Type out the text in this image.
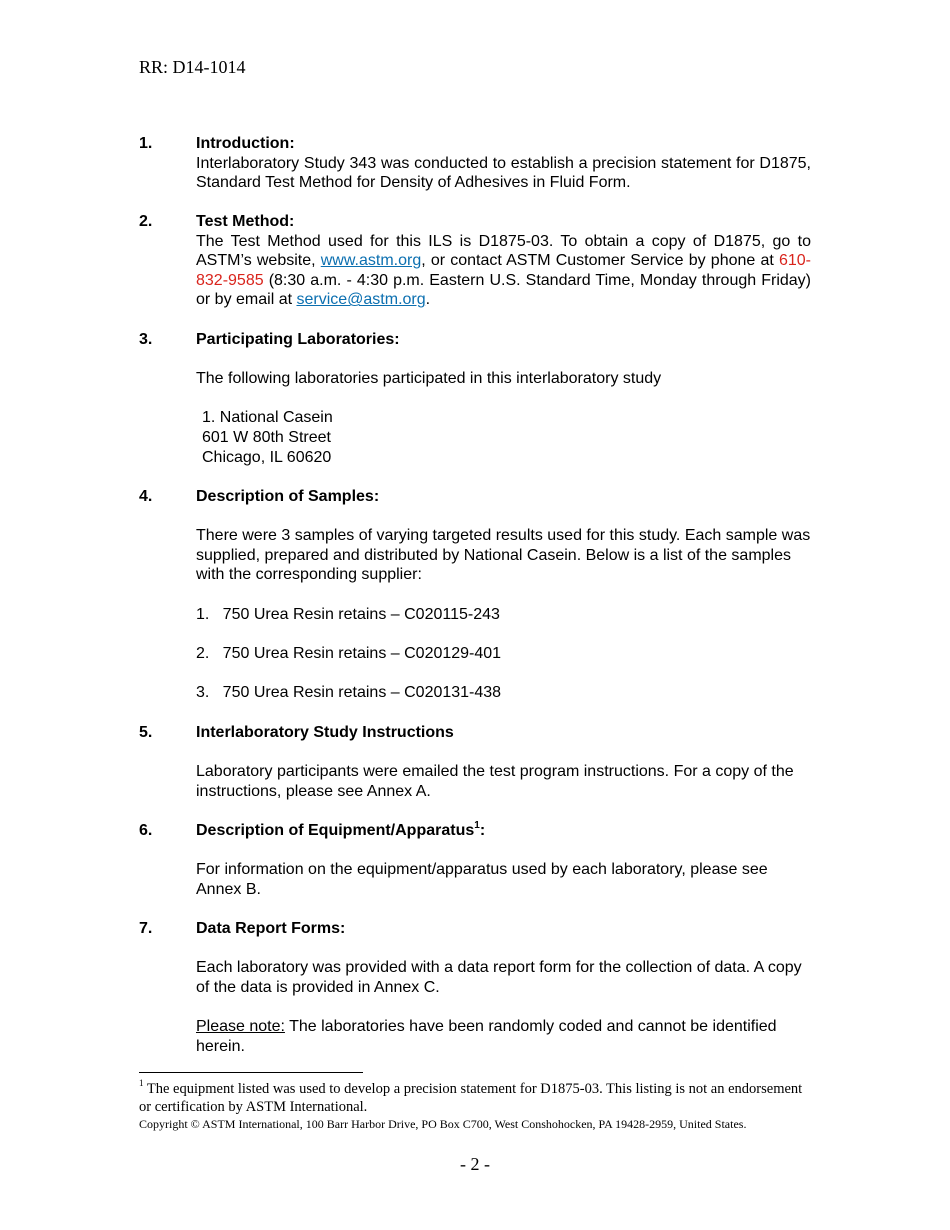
RR: D14-1014
1.	Introduction:

Interlaboratory Study 343 was conducted to establish a precision statement for D1875, Standard Test Method for Density of Adhesives in Fluid Form.

2.	Test Method:

The Test Method used for this ILS is D1875-03. To obtain a copy of D1875, go to ASTM’s website, www.astm.org, or contact ASTM Customer Service by phone at 610-832-9585 (8:30 a.m. - 4:30 p.m. Eastern U.S. Standard Time, Monday through Friday) or by email at service@astm.org.

3.	Participating Laboratories:

The following laboratories participated in this interlaboratory study

1. National Casein
601 W 80th Street
Chicago, IL 60620
4.	Description of Samples:

There were 3 samples of varying targeted results used for this study. Each sample was supplied, prepared and distributed by National Casein. Below is a list of the samples with the corresponding supplier:

1.   750 Urea Resin retains – C020115-243
2.   750 Urea Resin retains – C020129-401
3.   750 Urea Resin retains – C020131-438
5.	Interlaboratory Study Instructions

Laboratory participants were emailed the test program instructions. For a copy of the instructions, please see Annex A.

6.	Description of Equipment/Apparatus$^1$:

For information on the equipment/apparatus used by each laboratory, please see Annex B.

7.	Data Report Forms:

Each laboratory was provided with a data report form for the collection of data. A copy of the data is provided in Annex C.

Please note: The laboratories have been randomly coded and cannot be identified herein.

$^1$ The equipment listed was used to develop a precision statement for D1875-03. This listing is not an endorsement or certification by ASTM International.
Copyright © ASTM International, 100 Barr Harbor Drive, PO Box C700, West Conshohocken, PA 19428-2959, United States.
- 2 -
